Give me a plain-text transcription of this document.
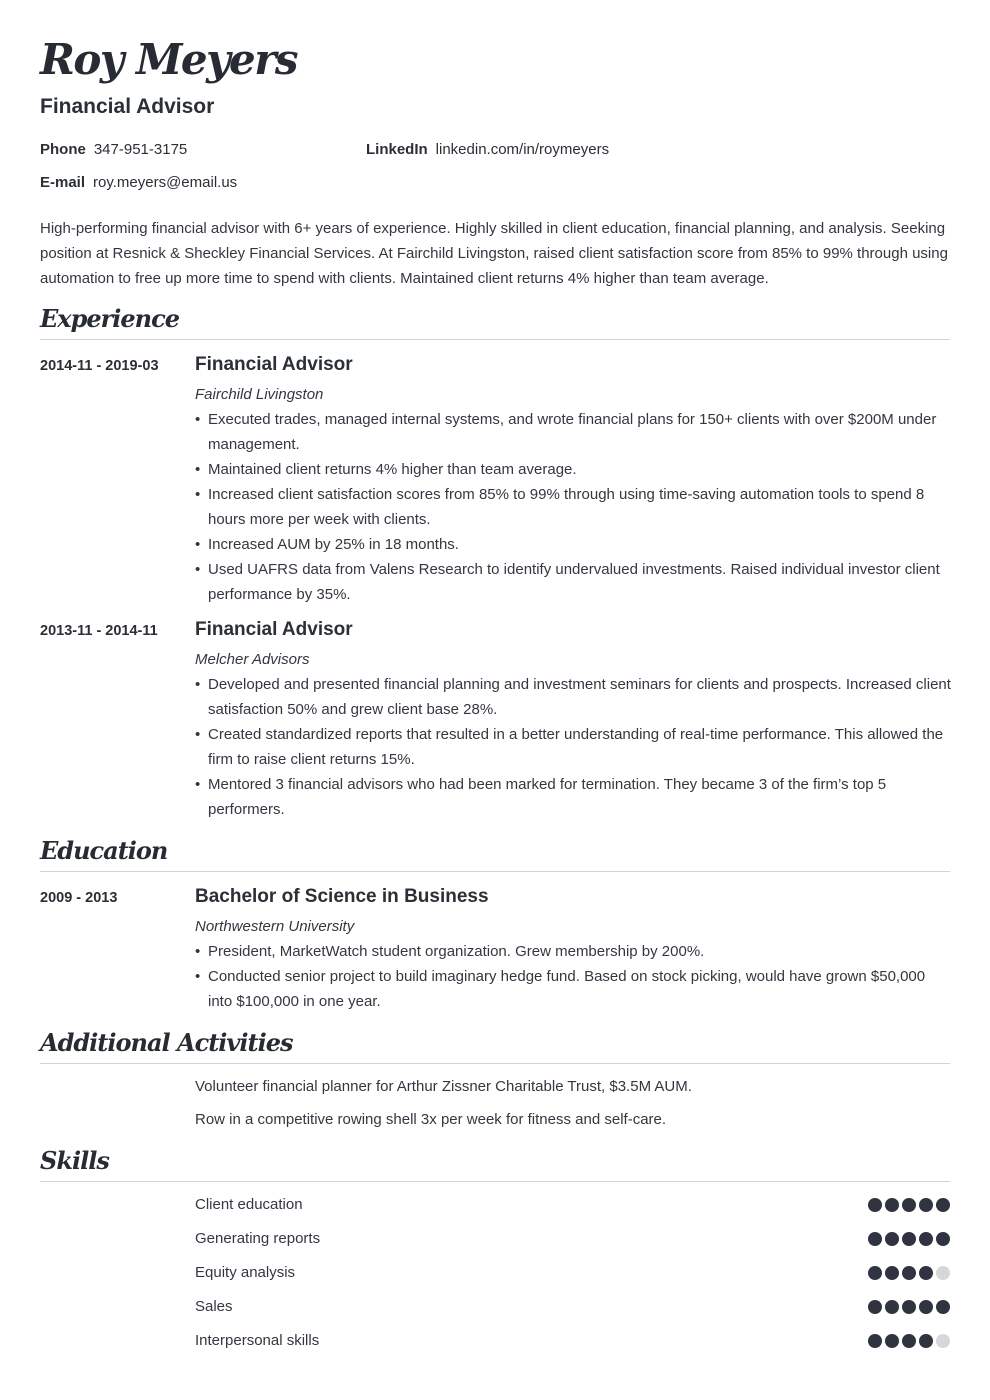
Roy Meyers
Financial Advisor
Phone 347-951-3175	LinkedIn linkedin.com/in/roymeyers
E-mail roy.meyers@email.us
High-performing financial advisor with 6+ years of experience. Highly skilled in client education, financial planning, and analysis. Seeking position at Resnick & Sheckley Financial Services. At Fairchild Livingston, raised client satisfaction score from 85% to 99% through using automation to free up more time to spend with clients. Maintained client returns 4% higher than team average.
Experience
2014-11 - 2019-03 Financial Advisor
Fairchild Livingston
• Executed trades, managed internal systems, and wrote financial plans for 150+ clients with over $200M under management.
• Maintained client returns 4% higher than team average.
• Increased client satisfaction scores from 85% to 99% through using time-saving automation tools to spend 8 hours more per week with clients.
• Increased AUM by 25% in 18 months.
• Used UAFRS data from Valens Research to identify undervalued investments. Raised individual investor client performance by 35%.
2013-11 - 2014-11 Financial Advisor
Melcher Advisors
• Developed and presented financial planning and investment seminars for clients and prospects. Increased client satisfaction 50% and grew client base 28%.
• Created standardized reports that resulted in a better understanding of real-time performance. This allowed the firm to raise client returns 15%.
• Mentored 3 financial advisors who had been marked for termination. They became 3 of the firm’s top 5 performers.
Education
2009 - 2013	Bachelor of Science in Business
Northwestern University
• President, MarketWatch student organization. Grew membership by 200%.
• Conducted senior project to build imaginary hedge fund. Based on stock picking, would have grown $50,000 into $100,000 in one year.
Additional Activities
Volunteer financial planner for Arthur Zissner Charitable Trust, $3.5M AUM.
Row in a competitive rowing shell 3x per week for fitness and self-care.
Skills
Client education
Generating reports
Equity analysis
Sales
Interpersonal skills
